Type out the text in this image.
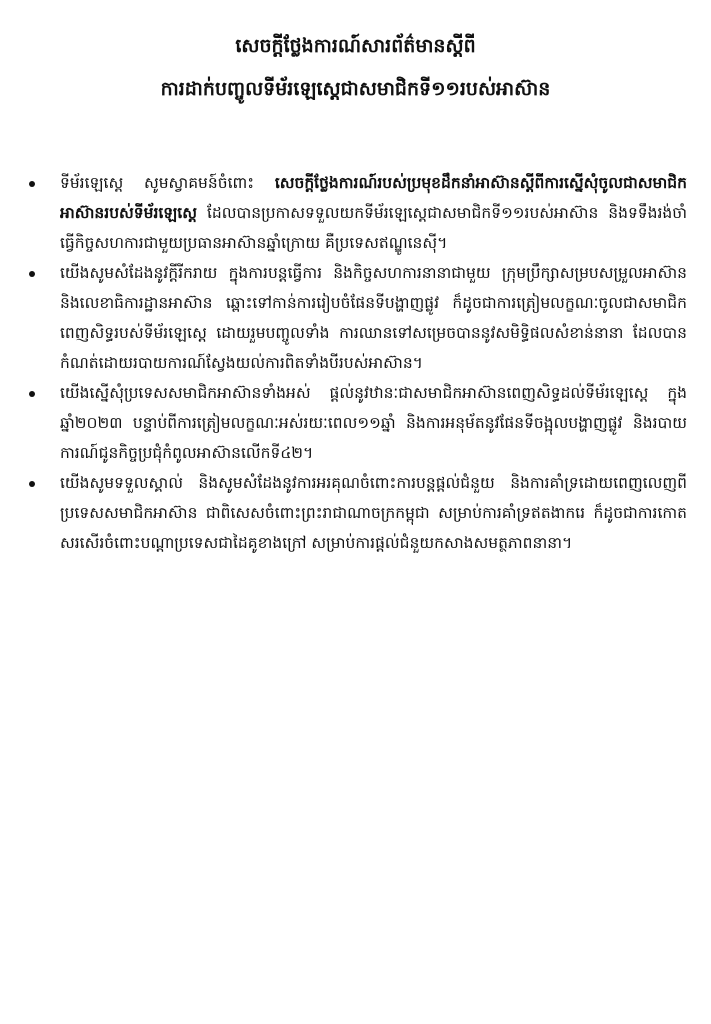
សេចក្ដីថ្លែងការណ៍សារព័ត៌មានស្ដីពី
ការដាក់បញ្ចូលទីម័រឡេស្ដេជាសមាជិកទី១១របស់អាស៊ាន
ទីម័រឡេស្ដេ សូមស្វាគមន៍ចំពោះ សេចក្ដីថ្លែងការណ៍របស់ប្រមុខដឹកនាំអាស៊ានស្ដីពីការស្នើសុំចូលជាសមាជិកអាស៊ានរបស់ទីម័រឡេស្ដេ ដែលបានប្រកាសទទួលយកទីម័រឡេស្ដេជាសមាជិកទី១១របស់អាស៊ាន និងទទឹងរង់ចាំធ្វើកិច្ចសហការជាមួយប្រធានអាស៊ានឆ្នាំក្រោយ គឺប្រទេសឥណ្ឌូនេស៊ី។
យើងសូមសំដែងនូវក្ដីរីករាយ ក្នុងការបន្ដធ្វើការ និងកិច្ចសហការនានាជាមួយ ក្រុមប្រឹក្សាសម្របសម្រួលអាស៊ាន និងលេខាធិការដ្ឋានអាស៊ាន ឆ្ពោះទៅកាន់ការរៀបចំផែនទីបង្ហាញផ្លូវ ក៏ដូចជាការត្រៀមលក្ខណៈចូលជាសមាជិកពេញសិទ្ធរបស់ទីម័រឡេស្ដេ ដោយរួមបញ្ចូលទាំង ការឈានទៅសម្រេចបាននូវសមិទ្ធិផលសំខាន់នានា ដែលបានកំណត់ដោយរបាយការណ៍ស្វែងយល់ការពិតទាំងបីរបស់អាស៊ាន។
យើងស្នើសុំប្រទេសសមាជិកអាស៊ានទាំងអស់ ផ្ដល់នូវឋានៈជាសមាជិកអាស៊ានពេញសិទ្ធដល់ទីម័រឡេស្ដេ ក្នុងឆ្នាំ២០២៣ បន្ទាប់ពីការត្រៀមលក្ខណៈអស់រយៈពេល១១ឆ្នាំ និងការអនុម័តនូវផែនទីចង្អុលបង្ហាញផ្លូវ និងរបាយការណ៍ជូនកិច្ចប្រជុំកំពូលអាស៊ានលើកទី៤២។
យើងសូមទទួលស្គាល់ និងសូមសំដែងនូវការអរគុណចំពោះការបន្ដផ្ដល់ជំនួយ និងការគាំទ្រដោយពេញលេញពីប្រទេសសមាជិកអាស៊ាន ជាពិសេសចំពោះព្រះរាជាណាចក្រកម្ពុជា សម្រាប់ការគាំទ្រឥតងាករេ ក៏ដូចជាការកោតសរសើរចំពោះបណ្ដាប្រទេសជាដៃគូខាងក្រៅ សម្រាប់ការផ្ដល់ជំនួយកសាងសមត្ថភាពនានា។
